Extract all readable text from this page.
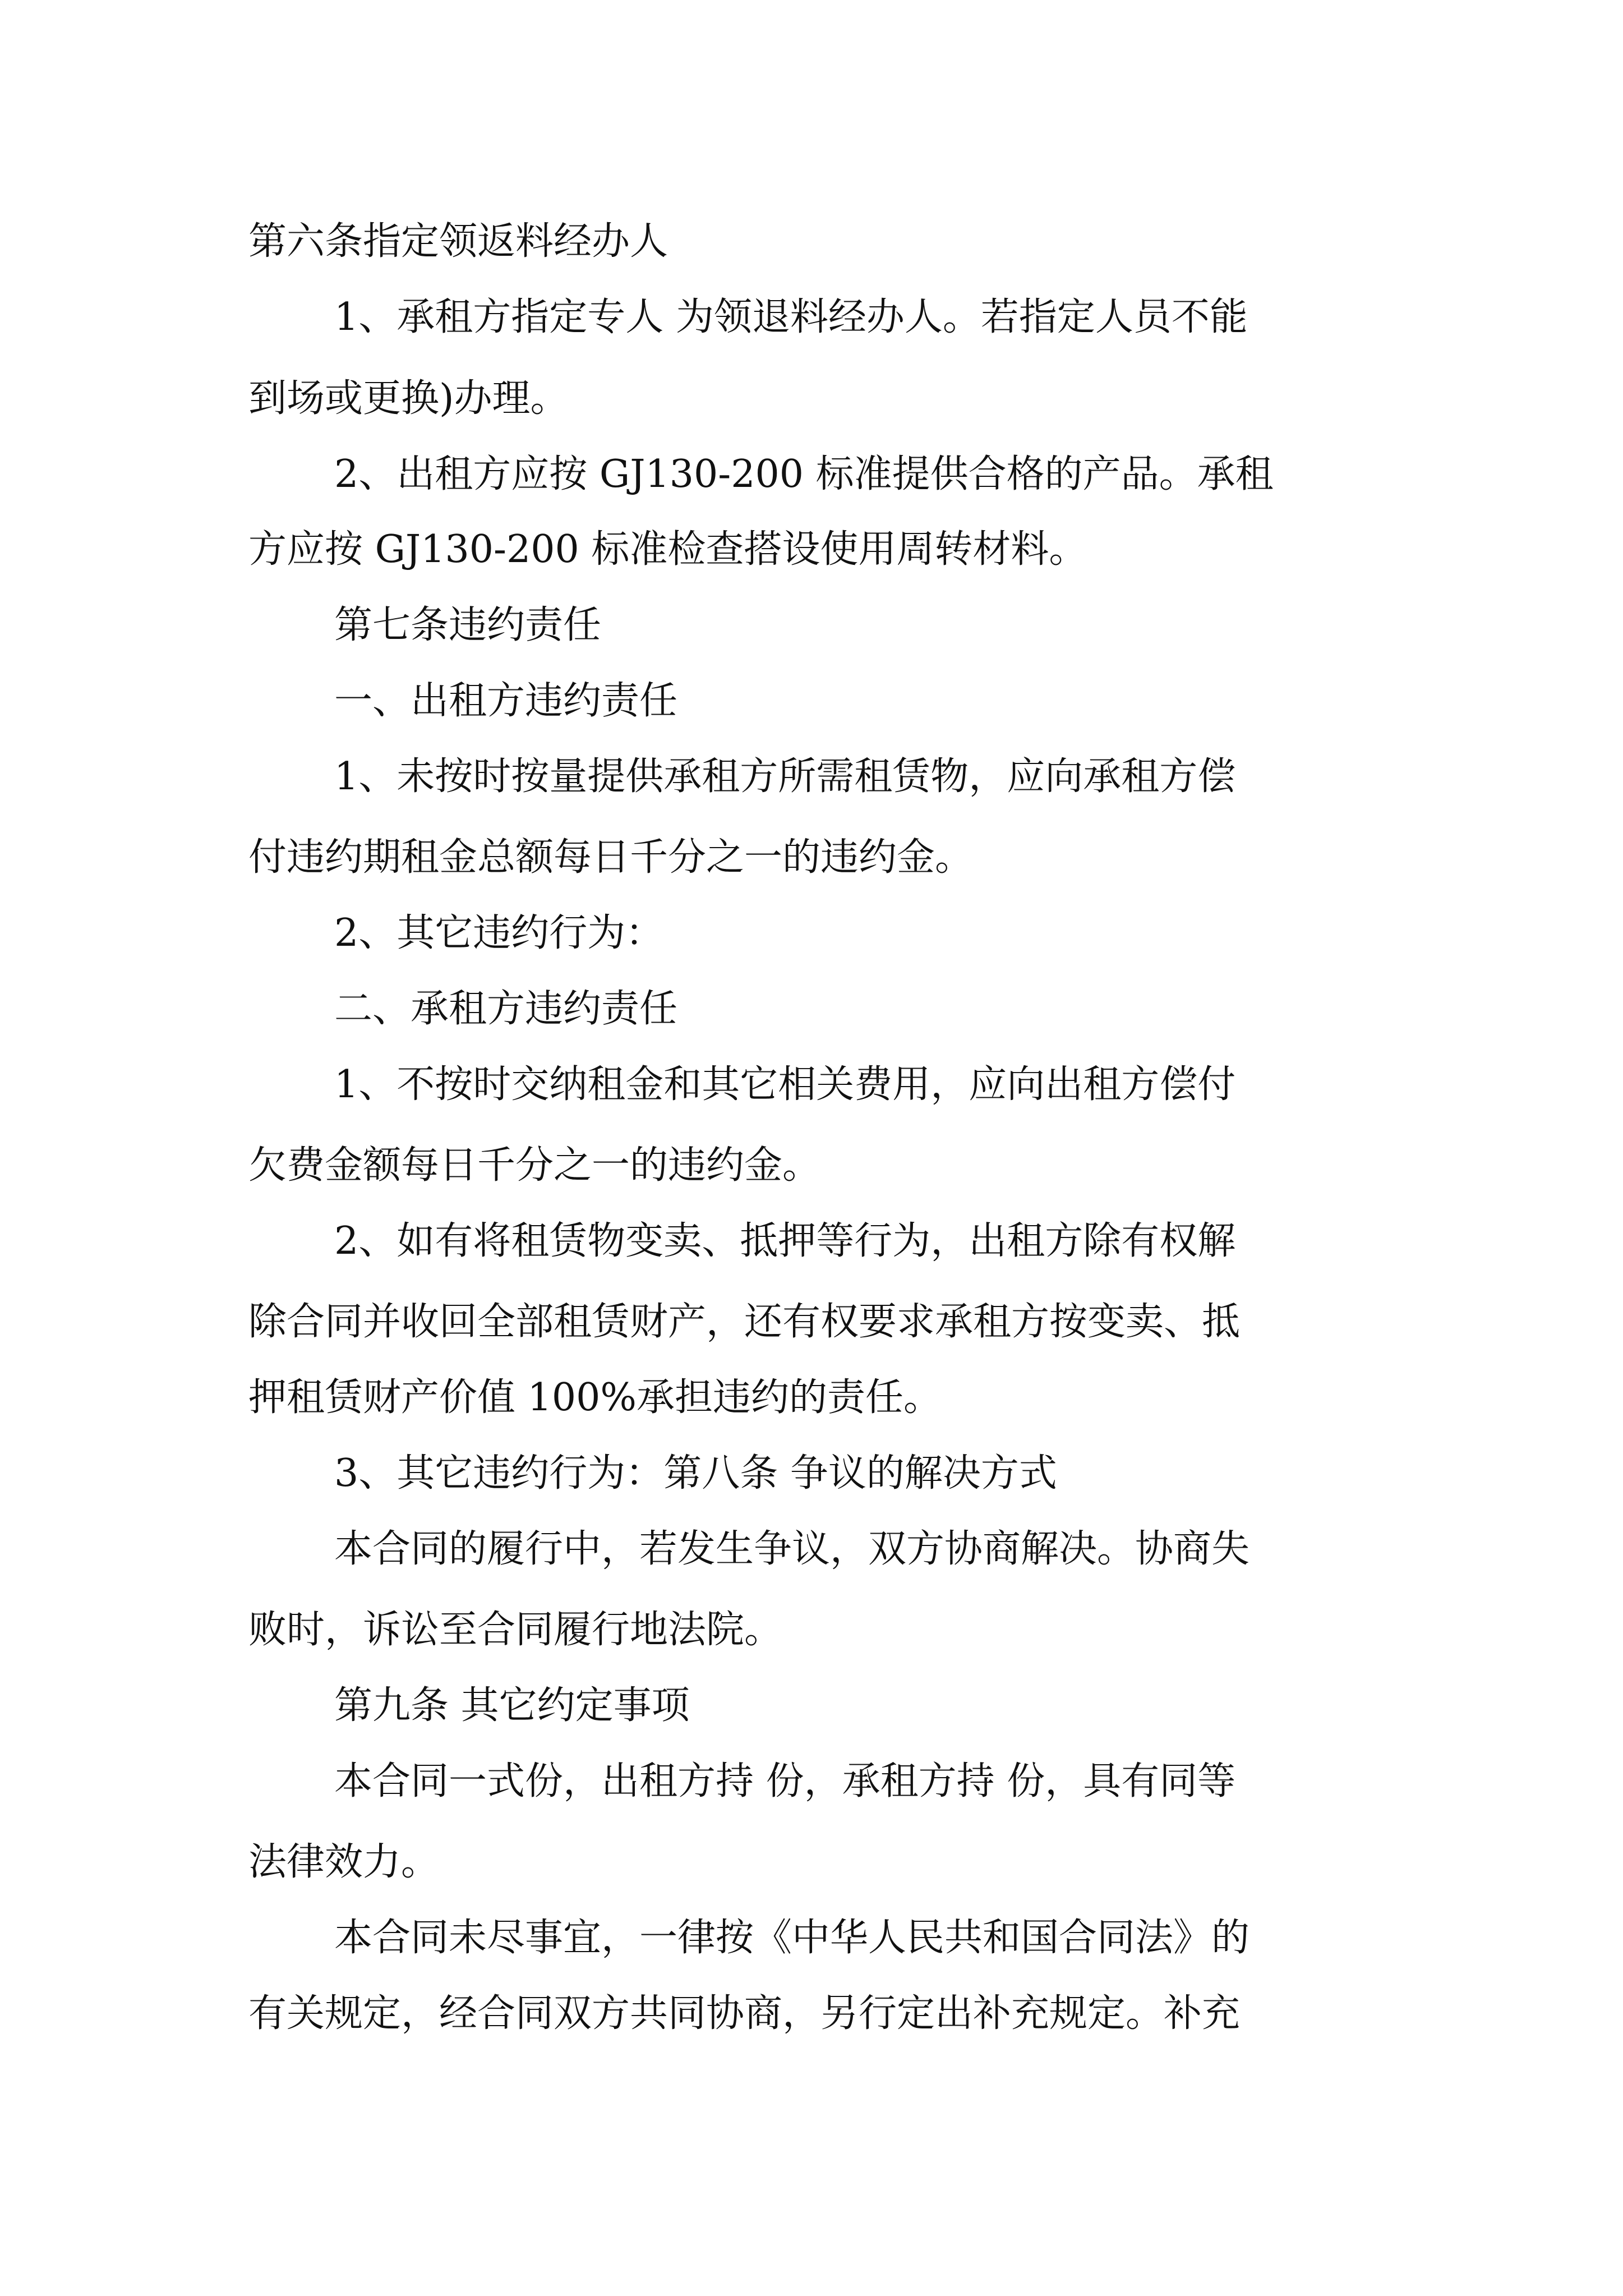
第六条指定领返料经办人

1、承租方指定专人 为领退料经办人。若指定人员不能

到场或更换)办理。

2、出租方应按 GJ130-200 标准提供合格的产品。承租

方应按 GJ130-200 标准检查搭设使用周转材料。

第七条违约责任

一、出租方违约责任

1、未按时按量提供承租方所需租赁物，应向承租方偿

付违约期租金总额每日千分之一的违约金。

2、其它违约行为：

二、承租方违约责任

1、不按时交纳租金和其它相关费用，应向出租方偿付

欠费金额每日千分之一的违约金。

2、如有将租赁物变卖、抵押等行为，出租方除有权解

除合同并收回全部租赁财产，还有权要求承租方按变卖、抵

押租赁财产价值 100%承担违约的责任。

3、其它违约行为：第八条 争议的解决方式

本合同的履行中，若发生争议，双方协商解决。协商失

败时，诉讼至合同履行地法院。

第九条 其它约定事项

本合同一式份，出租方持 份，承租方持 份，具有同等

法律效力。

本合同未尽事宜，一律按《中华人民共和国合同法》的

有关规定，经合同双方共同协商，另行定出补充规定。补充
